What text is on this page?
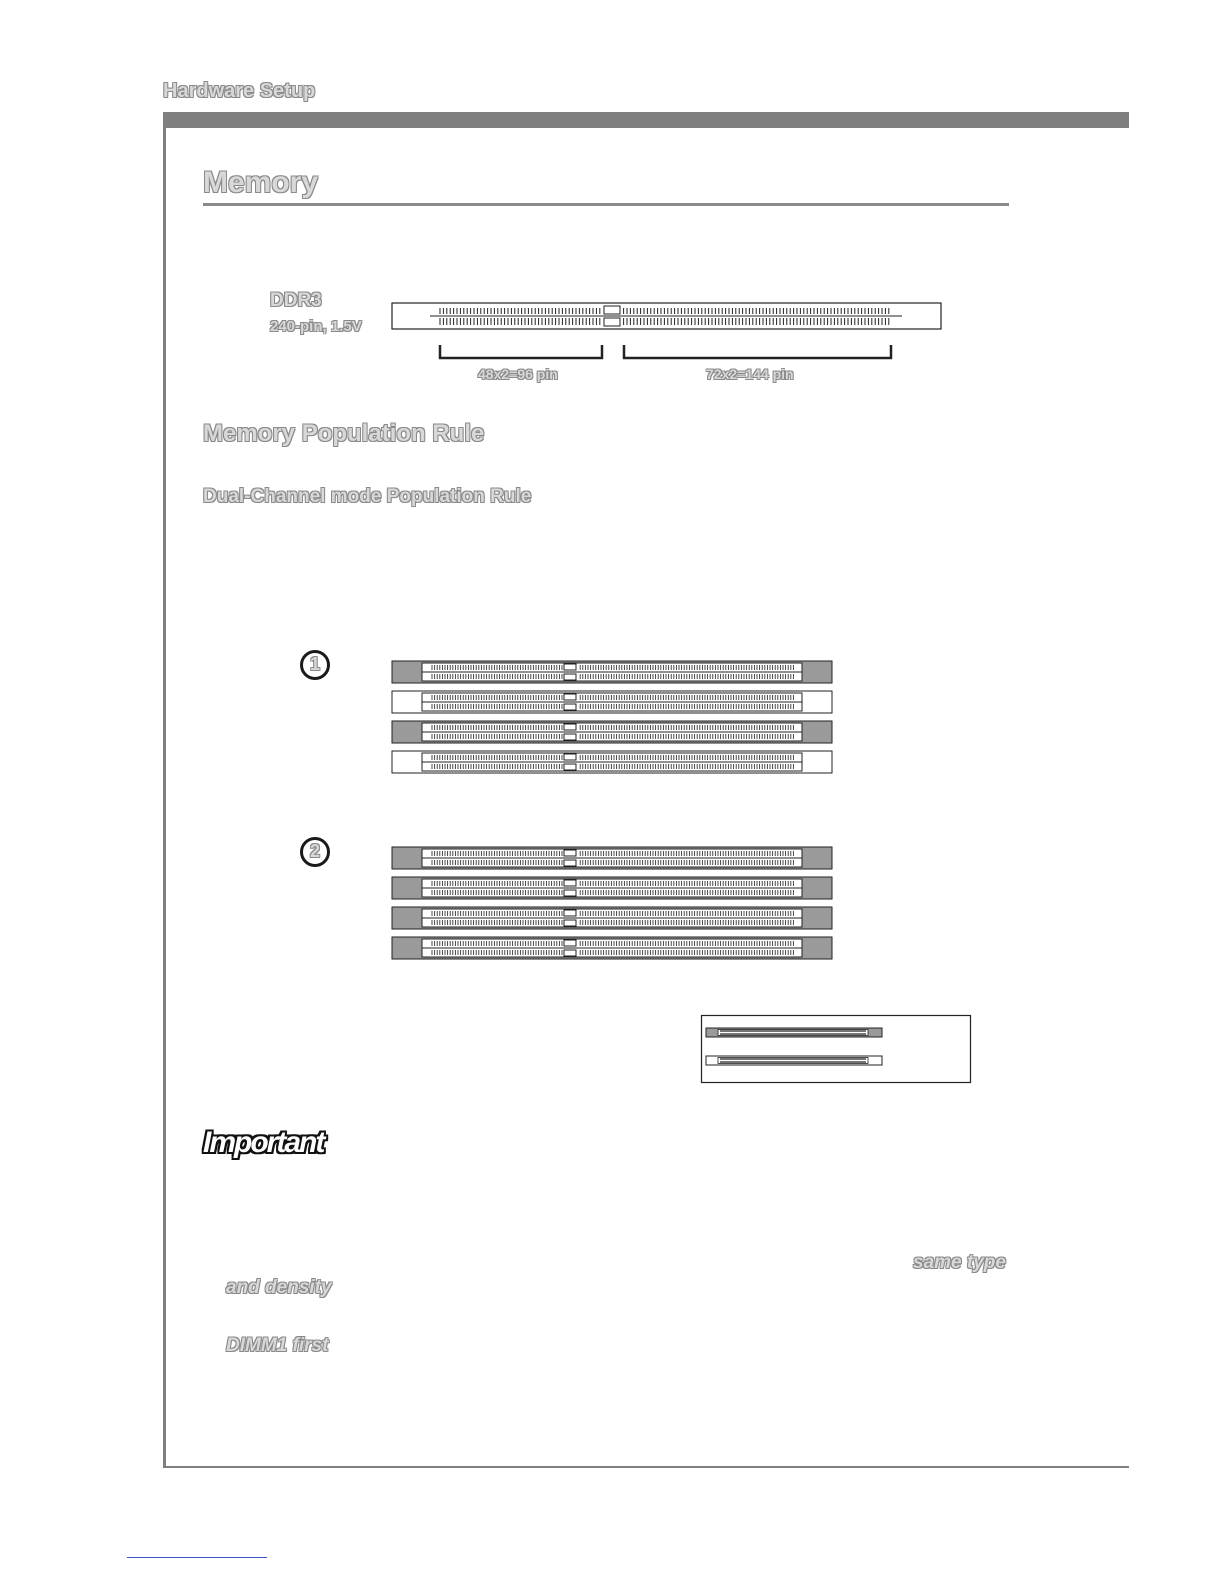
Hardware Setup
Memory
DDR3
240-pin, 1.5V
48x2=96 pin	72x2=144 pin
Memory Population Rule
Dual-Channel mode Population Rule
1
2
Important
same type
and density
DIMM1 first
